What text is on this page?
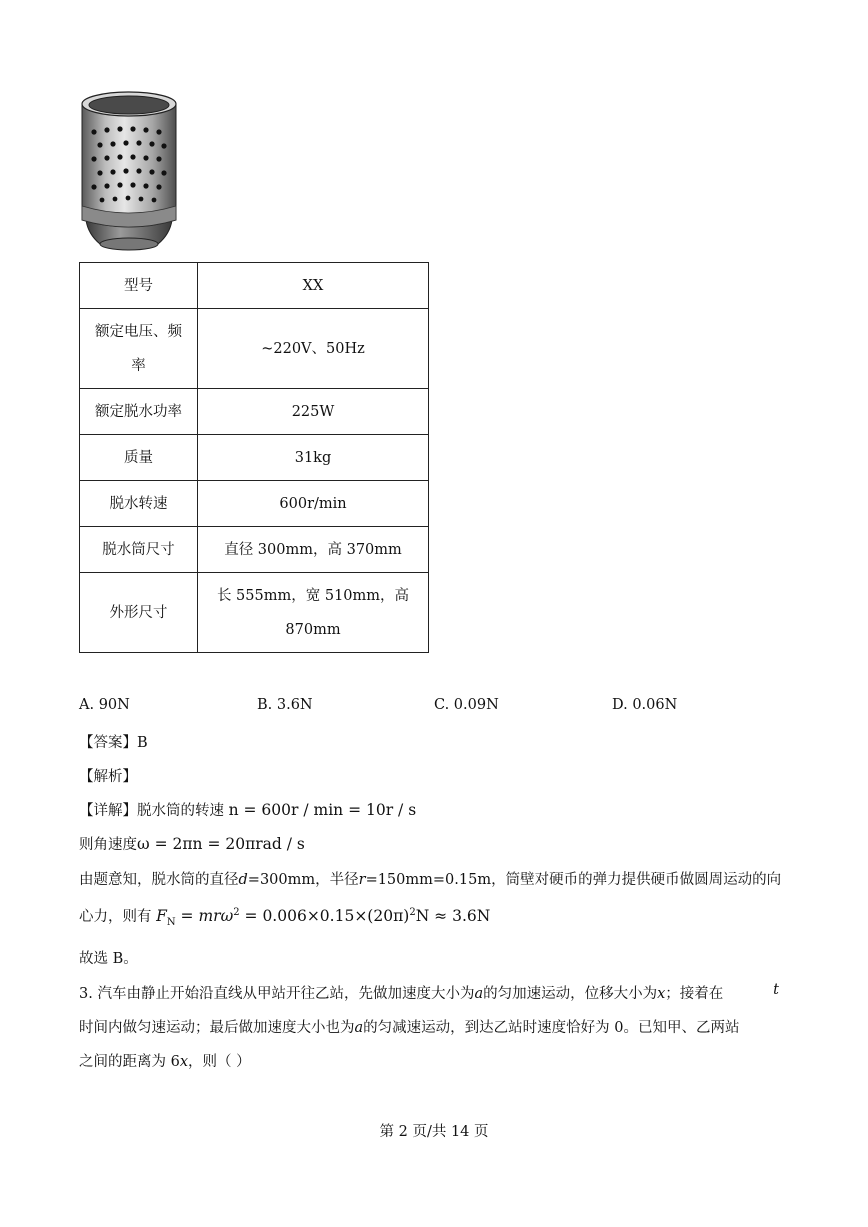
型号	XX

额定电压、频
率	~220V、50Hz
额定脱水功率	225W
质量	31kg
脱水转速	600r/min
脱水筒尺寸	直径 300mm，高 370mm
外形尺寸	长 555mm，宽 510mm，高
870mm
A. 90N	B. 3.6N	C. 0.09N	D. 0.06N
【答案】B
【解析】
【详解】脱水筒的转速 n = 600r / min = 10r / s
则角速度ω = 2πn = 20πrad / s
由题意知，脱水筒的直径d=300mm，半径r=150mm=0.15m，筒壁对硬币的弹力提供硬币做圆周运动的向
心力，则有 $F_N = mr\omega^2 = 0.006\times 0.15\times(20\pi)^2N \approx 3.6N$
故选 B。
3. 汽车由静止开始沿直线从甲站开往乙站，先做加速度大小为a的匀加速运动，位移大小为x；接着在	t
时间内做匀速运动；最后做加速度大小也为a的匀减速运动，到达乙站时速度恰好为 0。已知甲、乙两站
之间的距离为 6x，则（ ）
第 2 页/共 14 页
